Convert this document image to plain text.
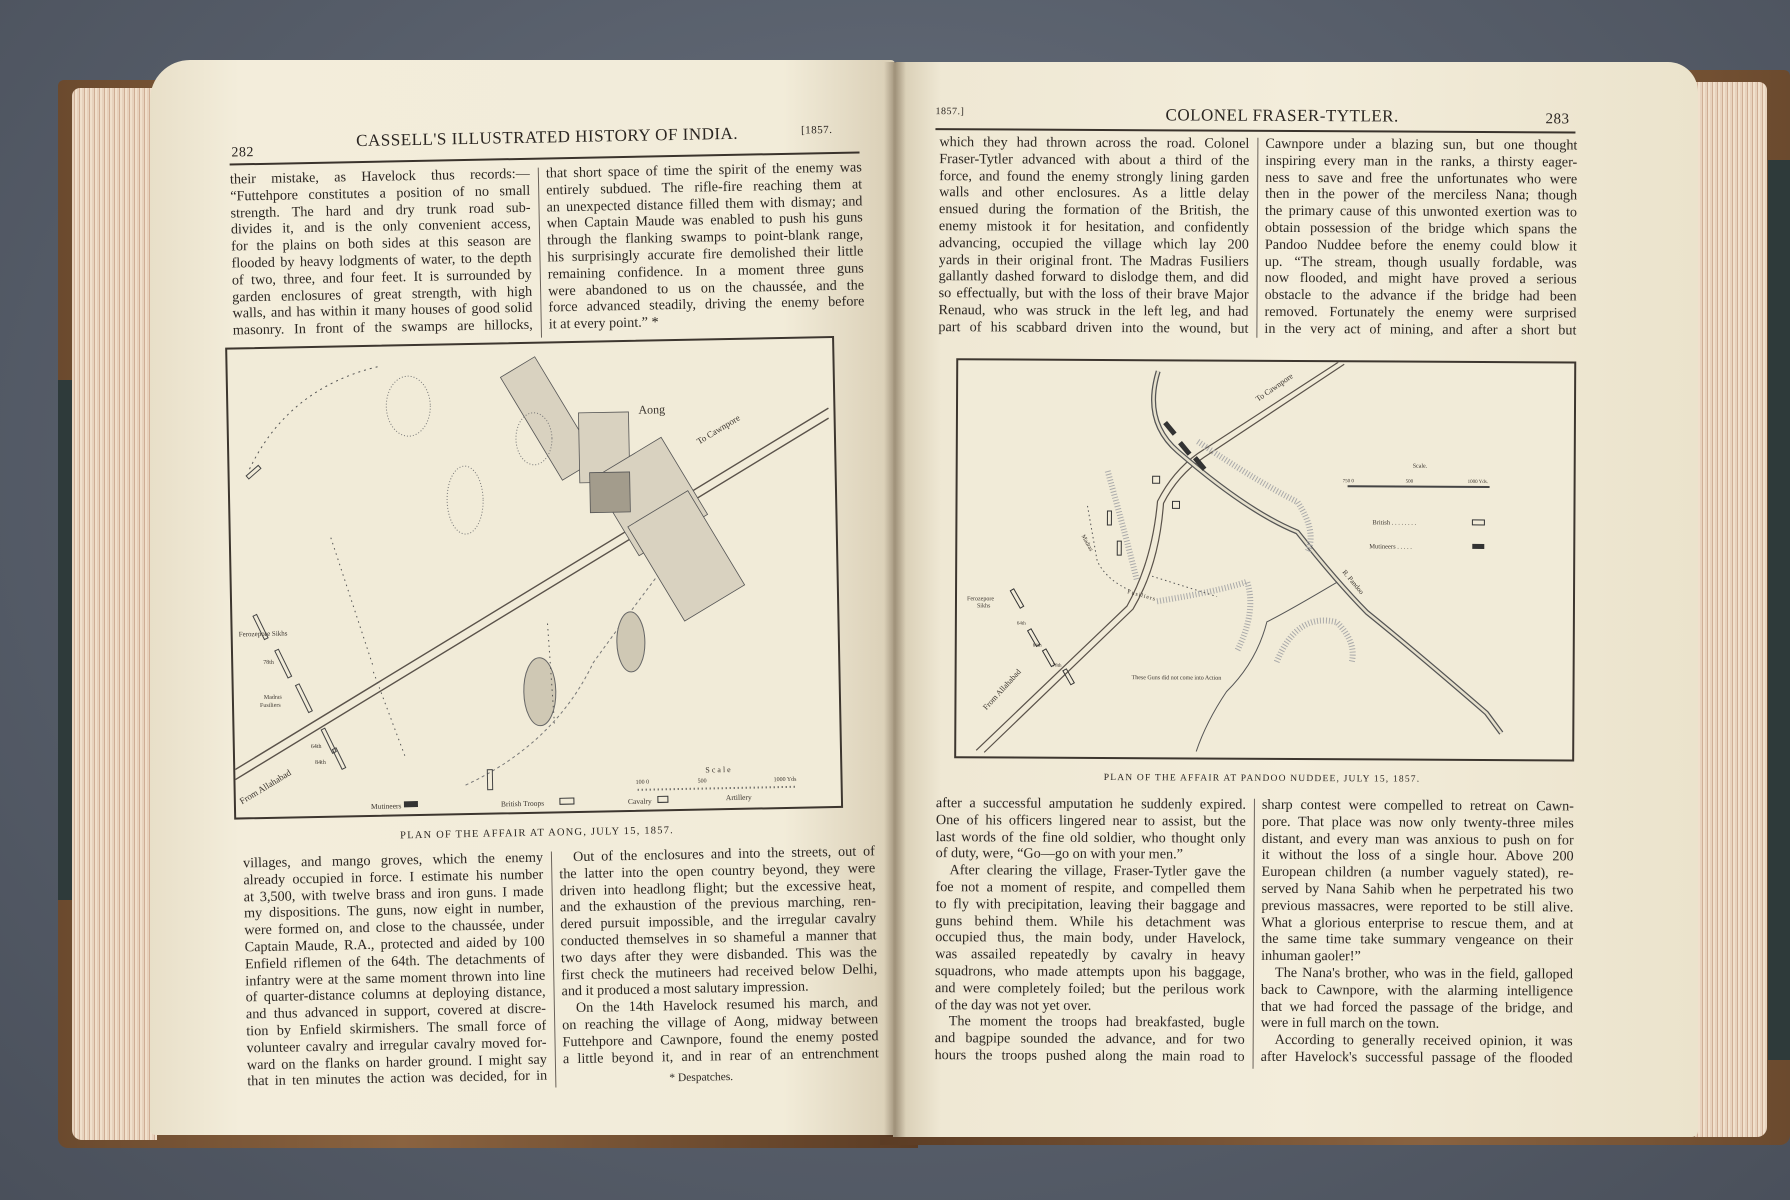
282
CASSELL'S ILLUSTRATED HISTORY OF INDIA.	[1857.
their mistake, as Havelock thus records:—
“Futtehpore constitutes a position of no small
strength. The hard and dry trunk road sub-
divides it, and is the only convenient access,
for the plains on both sides at this season are
flooded by heavy lodgments of water, to the depth
of two, three, and four feet. It is surrounded by
garden enclosures of great strength, with high
walls, and has within it many houses of good solid
masonry. In front of the swamps are hillocks,
that short space of time the spirit of the enemy was
entirely subdued. The rifle-fire reaching them at
an unexpected distance filled them with dismay; and
when Captain Maude was enabled to push his guns
through the flanking swamps to point-blank range,
his surprisingly accurate fire demolished their little
remaining confidence. In a moment three guns
were abandoned to us on the chaussée, and the
force advanced steadily, driving the enemy before
it at every point.” *
Aong
To Cawnpore
From Allahabad
Ferozepore Sikhs
78th
Madras
Fusiliers
64th
84th
Scale
100 0	500	1000 Yds
Mutineers	British Troops	Cavalry	Artillery
PLAN OF THE AFFAIR AT AONG, JULY 15, 1857.
villages, and mango groves, which the enemy
already occupied in force. I estimate his number
at 3,500, with twelve brass and iron guns. I made
my dispositions. The guns, now eight in number,
were formed on, and close to the chaussée, under
Captain Maude, R.A., protected and aided by 100
Enfield riflemen of the 64th. The detachments of
infantry were at the same moment thrown into line
of quarter-distance columns at deploying distance,
and thus advanced in support, covered at discre-
tion by Enfield skirmishers. The small force of
volunteer cavalry and irregular cavalry moved for-
ward on the flanks on harder ground. I might say
that in ten minutes the action was decided, for in
Out of the enclosures and into the streets, out of
the latter into the open country beyond, they were
driven into headlong flight; but the excessive heat,
and the exhaustion of the previous marching, ren-
dered pursuit impossible, and the irregular cavalry
conducted themselves in so shameful a manner that
two days after they were disbanded. This was the
first check the mutineers had received below Delhi,
and it produced a most salutary impression.
On the 14th Havelock resumed his march, and
on reaching the village of Aong, midway between
Futtehpore and Cawnpore, found the enemy posted
a little beyond it, and in rear of an entrenchment
* Despatches.
1857.]	COLONEL FRASER-TYTLER.	283
which they had thrown across the road. Colonel
Fraser-Tytler advanced with about a third of the
force, and found the enemy strongly lining garden
walls and other enclosures. As a little delay
ensued during the formation of the British, the
enemy mistook it for hesitation, and confidently
advancing, occupied the village which lay 200
yards in their original front. The Madras Fusiliers
gallantly dashed forward to dislodge them, and did
so effectually, but with the loss of their brave Major
Renaud, who was struck in the left leg, and had
part of his scabbard driven into the wound, but
Cawnpore under a blazing sun, but one thought
inspiring every man in the ranks, a thirsty eager-
ness to save and free the unfortunates who were
then in the power of the merciless Nana; though
the primary cause of this unwonted exertion was to
obtain possession of the bridge which spans the
Pandoo Nuddee before the enemy could blow it
up. “The stream, though usually fordable, was
now flooded, and might have proved a serious
obstacle to the advance if the bridge had been
removed. Fortunately the enemy were surprised
in the very act of mining, and after a short but
To Cawnpore
From Allahabad
Scale.
750 0	500	1000 Yds.
British . . . . . . . .
Mutineers . . . . .
Madras
Fusiliers
R. Pandoo
Ferozepore
Sikhs
64th
84th
78th
These Guns did not come into Action
PLAN OF THE AFFAIR AT PANDOO NUDDEE, JULY 15, 1857.
after a successful amputation he suddenly expired.
One of his officers lingered near to assist, but the
last words of the fine old soldier, who thought only
of duty, were, “Go—go on with your men.”
After clearing the village, Fraser-Tytler gave the
foe not a moment of respite, and compelled them
to fly with precipitation, leaving their baggage and
guns behind them. While his detachment was
occupied thus, the main body, under Havelock,
was assailed repeatedly by cavalry in heavy
squadrons, who made attempts upon his baggage,
and were completely foiled; but the perilous work
of the day was not yet over.
The moment the troops had breakfasted, bugle
and bagpipe sounded the advance, and for two
hours the troops pushed along the main road to
sharp contest were compelled to retreat on Cawn-
pore. That place was now only twenty-three miles
distant, and every man was anxious to push on for
it without the loss of a single hour. Above 200
European children (a number vaguely stated), re-
served by Nana Sahib when he perpetrated his two
previous massacres, were reported to be still alive.
What a glorious enterprise to rescue them, and at
the same time take summary vengeance on their
inhuman gaoler!”
The Nana's brother, who was in the field, galloped
back to Cawnpore, with the alarming intelligence
that we had forced the passage of the bridge, and
were in full march on the town.
According to generally received opinion, it was
after Havelock's successful passage of the flooded
